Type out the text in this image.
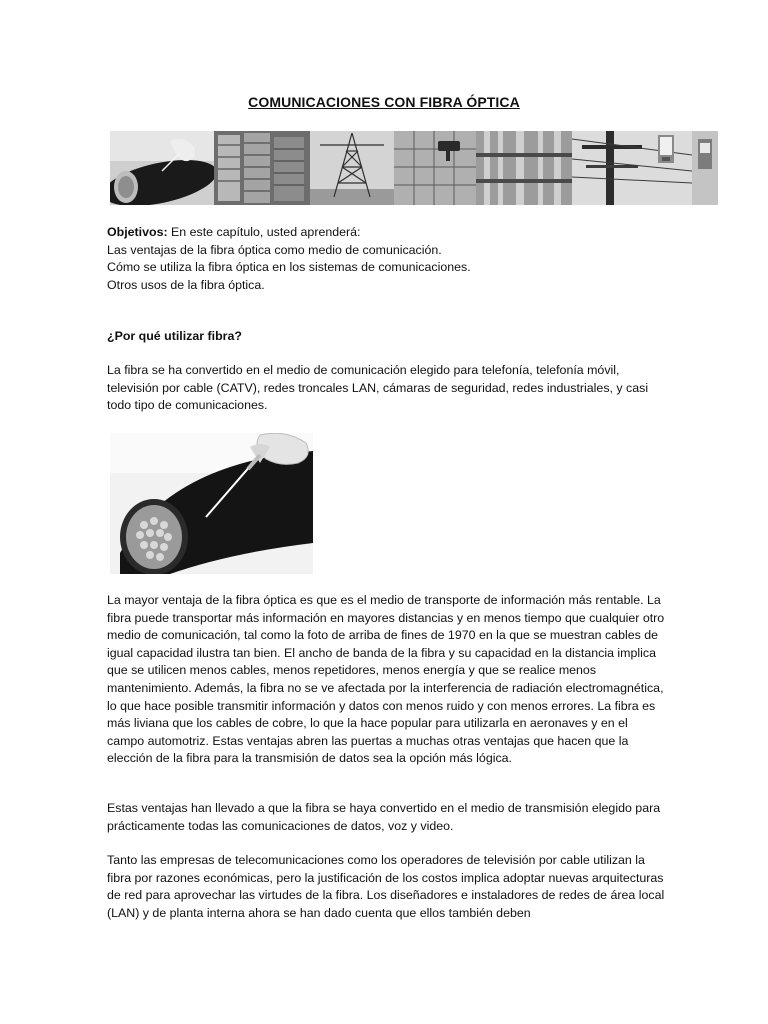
COMUNICACIONES CON FIBRA ÓPTICA

Objetivos: En este capítulo, usted aprenderá:

Las ventajas de la fibra óptica como medio de comunicación.

Cómo se utiliza la fibra óptica en los sistemas de comunicaciones.

Otros usos de la fibra óptica.

¿Por qué utilizar fibra?
La fibra se ha convertido en el medio de comunicación elegido para telefonía, telefonía móvil, televisión por cable (CATV), redes troncales LAN, cámaras de seguridad, redes industriales, y casi todo tipo de comunicaciones.
La mayor ventaja de la fibra óptica es que es el medio de transporte de información más rentable. La fibra puede transportar más información en mayores distancias y en menos tiempo que cualquier otro medio de comunicación, tal como la foto de arriba de fines de 1970 en la que se muestran cables de igual capacidad ilustra tan bien. El ancho de banda de la fibra y su capacidad en la distancia implica que se utilicen menos cables, menos repetidores, menos energía y que se realice menos mantenimiento. Además, la fibra no se ve afectada por la interferencia de radiación electromagnética, lo que hace posible transmitir información y datos con menos ruido y con menos errores. La fibra es más liviana que los cables de cobre, lo que la hace popular para utilizarla en aeronaves y en el campo automotriz. Estas ventajas abren las puertas a muchas otras ventajas que hacen que la elección de la fibra para la transmisión de datos sea la opción más lógica.
Estas ventajas han llevado a que la fibra se haya convertido en el medio de transmisión elegido para prácticamente todas las comunicaciones de datos, voz y video.
Tanto las empresas de telecomunicaciones como los operadores de televisión por cable utilizan la fibra por razones económicas, pero la justificación de los costos implica adoptar nuevas arquitecturas de red para aprovechar las virtudes de la fibra. Los diseñadores e instaladores de redes de área local (LAN) y de planta interna ahora se han dado cuenta que ellos también deben
